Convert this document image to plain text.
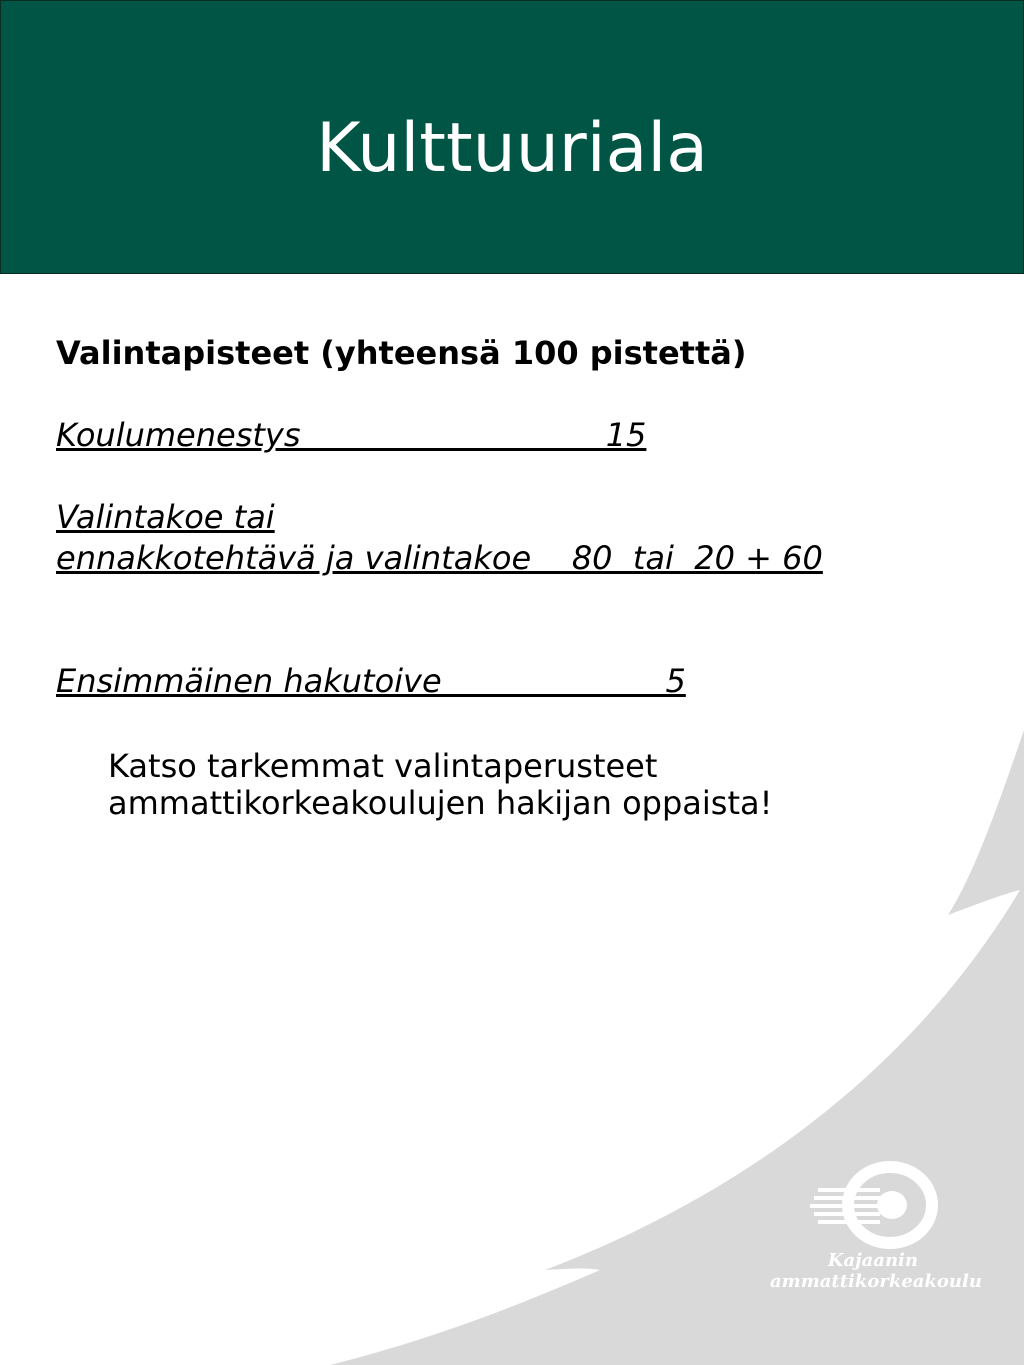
Kulttuuriala
Valintapisteet (yhteensä 100 pistettä)
Koulumenestys                              15
Valintakoe tai
ennakkotehtävä ja valintakoe    80  tai  20 + 60
Ensimmäinen hakutoive                      5
Katso tarkemmat valintaperusteet
ammattikorkeakoulujen hakijan oppaista!
Kajaanin
ammattikorkeakoulu
